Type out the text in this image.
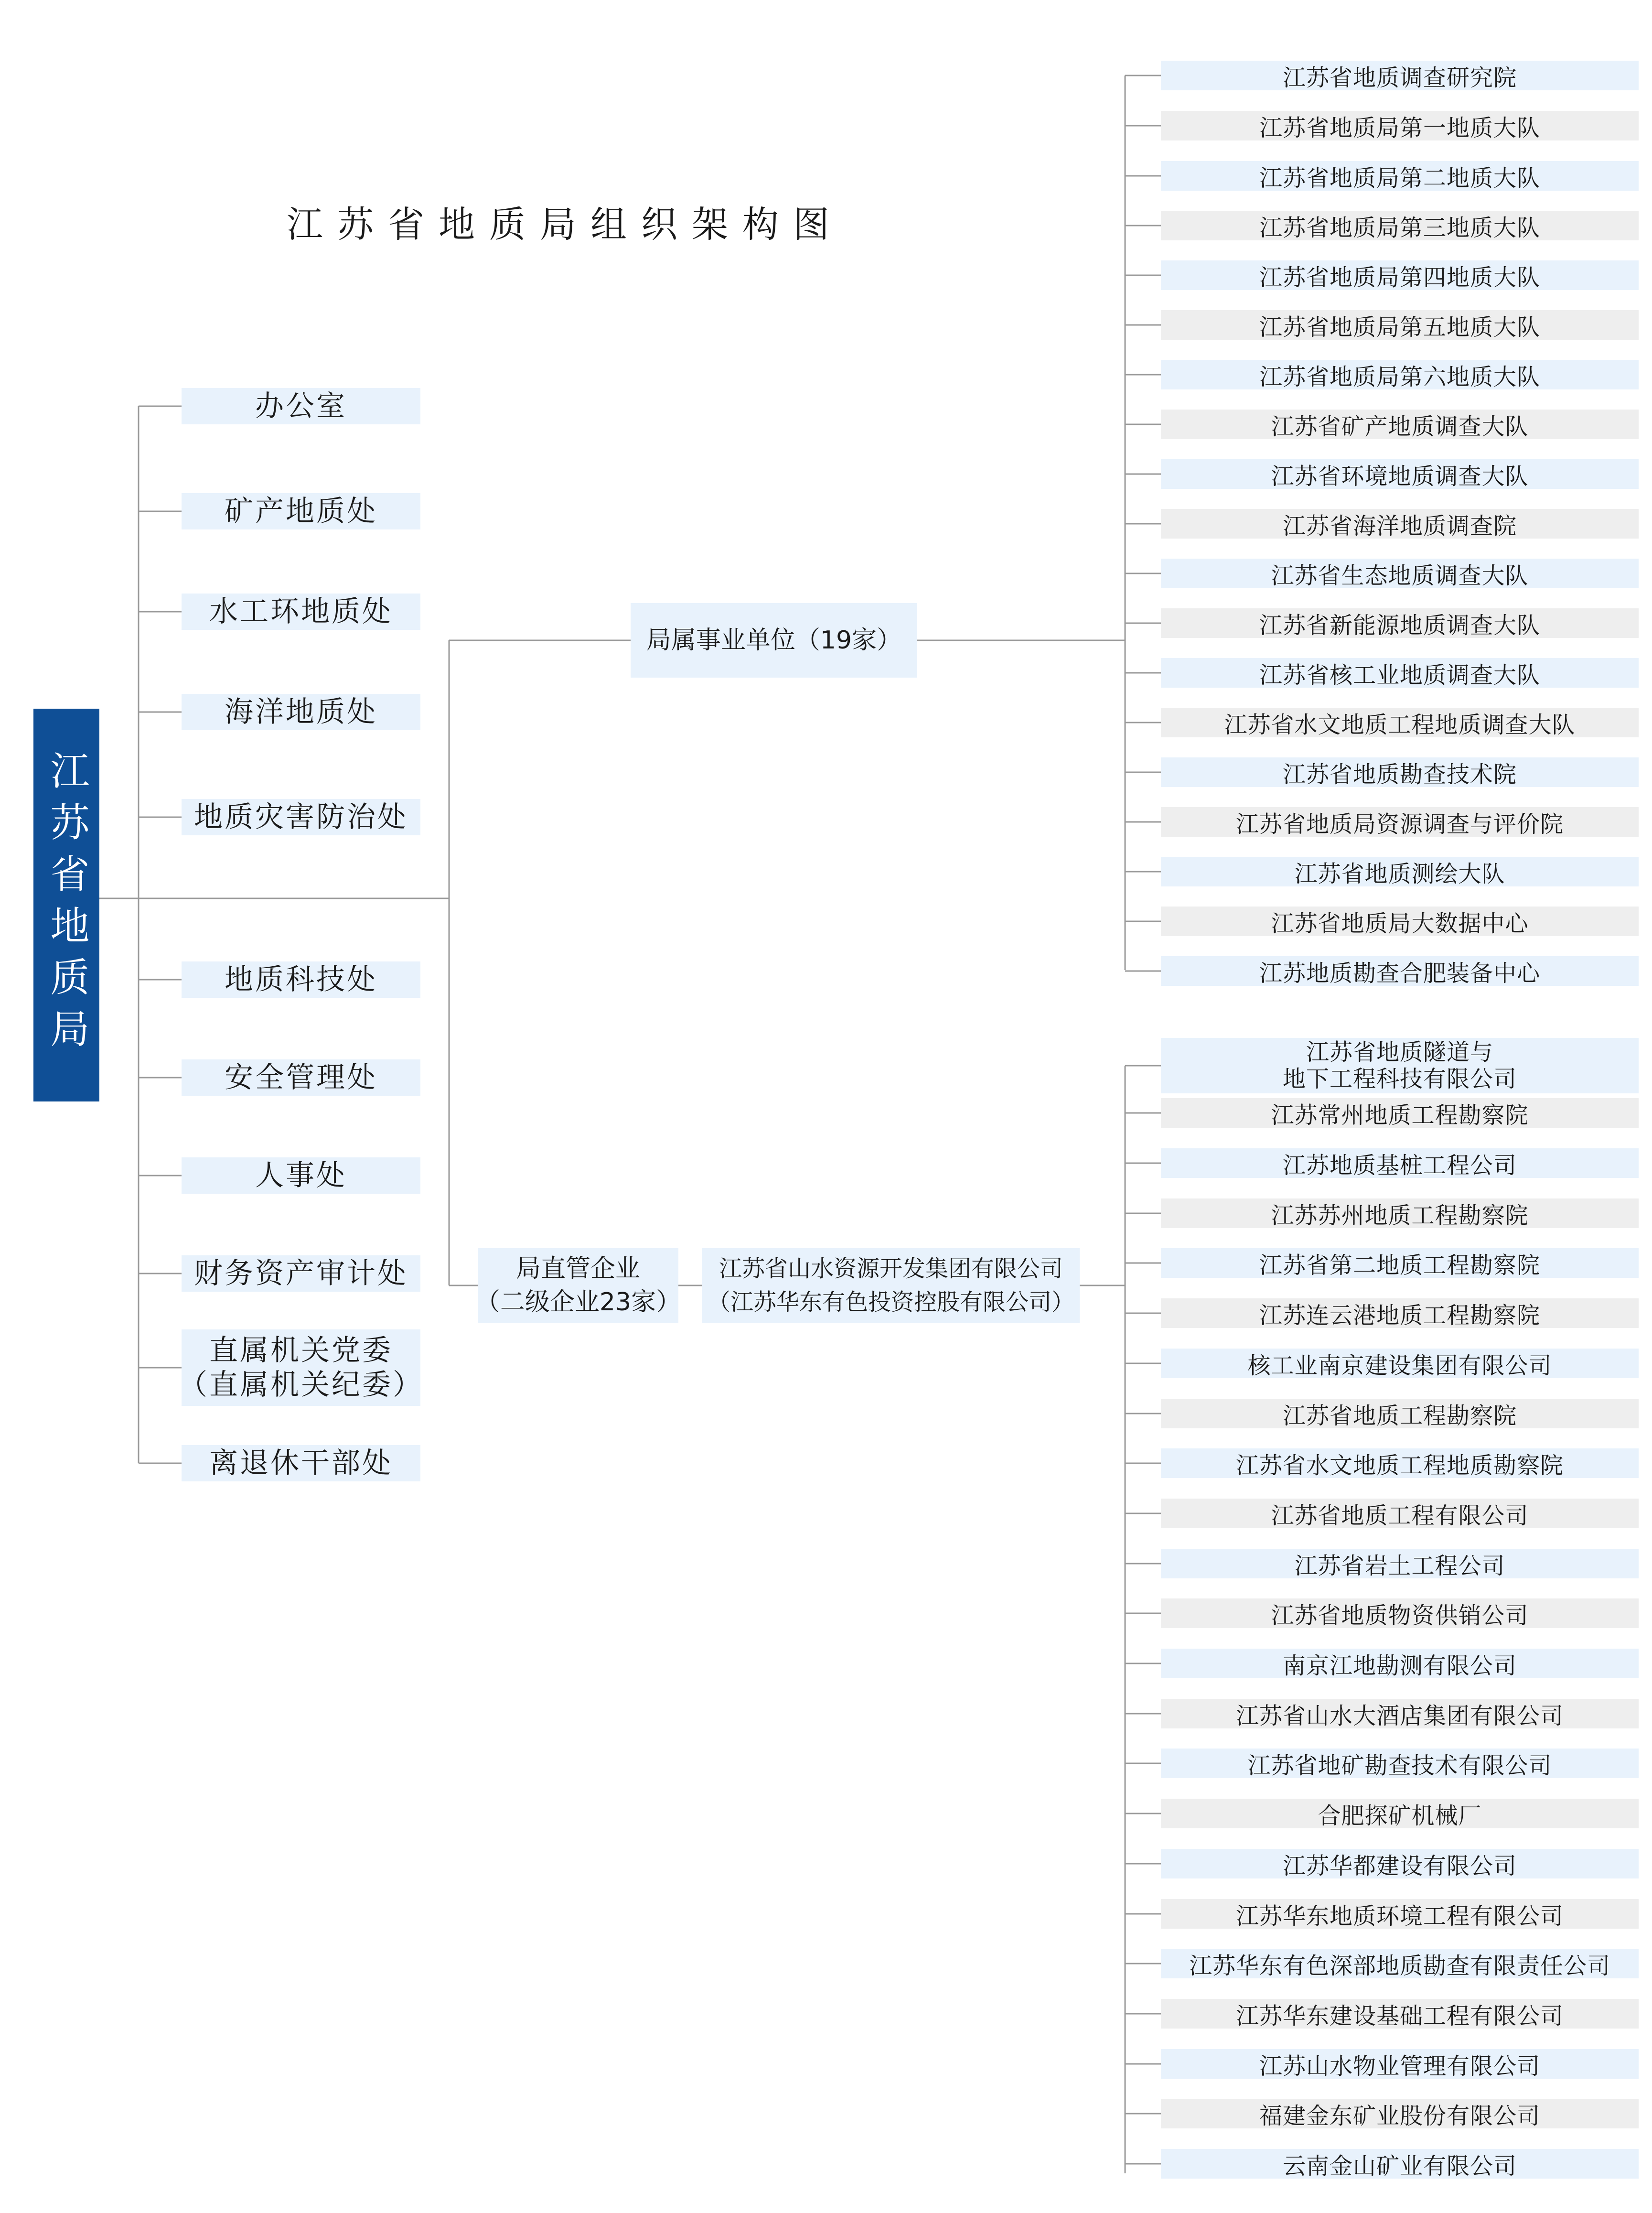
江苏省地质局组织架构图
江苏省地质局
办公室
矿产地质处
水工环地质处
海洋地质处
地质灾害防治处
地质科技处
安全管理处
人事处
财务资产审计处
直属机关党委
（直属机关纪委）
离退休干部处
局属事业单位（19家）
局直管企业
（二级企业23家）
江苏省山水资源开发集团有限公司
（江苏华东有色投资控股有限公司）
江苏省地质调查研究院
江苏省地质局第一地质大队
江苏省地质局第二地质大队
江苏省地质局第三地质大队
江苏省地质局第四地质大队
江苏省地质局第五地质大队
江苏省地质局第六地质大队
江苏省矿产地质调查大队
江苏省环境地质调查大队
江苏省海洋地质调查院
江苏省生态地质调查大队
江苏省新能源地质调查大队
江苏省核工业地质调查大队
江苏省水文地质工程地质调查大队
江苏省地质勘查技术院
江苏省地质局资源调查与评价院
江苏省地质测绘大队
江苏省地质局大数据中心
江苏地质勘查合肥装备中心
江苏省地质隧道与
地下工程科技有限公司
江苏常州地质工程勘察院
江苏地质基桩工程公司
江苏苏州地质工程勘察院
江苏省第二地质工程勘察院
江苏连云港地质工程勘察院
核工业南京建设集团有限公司
江苏省地质工程勘察院
江苏省水文地质工程地质勘察院
江苏省地质工程有限公司
江苏省岩土工程公司
江苏省地质物资供销公司
南京江地勘测有限公司
江苏省山水大酒店集团有限公司
江苏省地矿勘查技术有限公司
合肥探矿机械厂
江苏华都建设有限公司
江苏华东地质环境工程有限公司
江苏华东有色深部地质勘查有限责任公司
江苏华东建设基础工程有限公司
江苏山水物业管理有限公司
福建金东矿业股份有限公司
云南金山矿业有限公司
